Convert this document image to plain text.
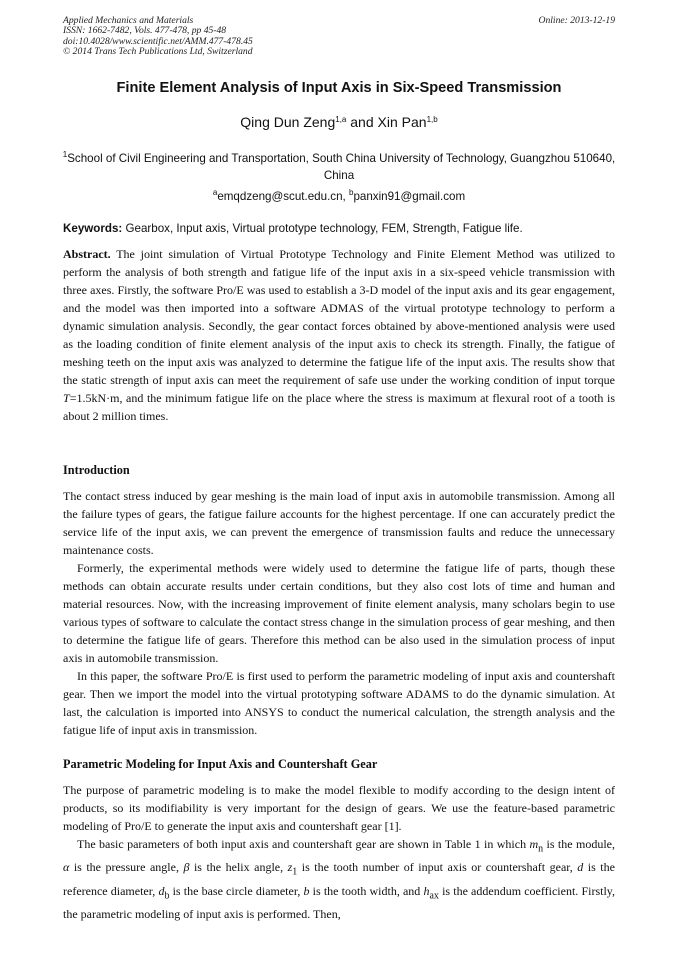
Applied Mechanics and Materials
ISSN: 1662-7482, Vols. 477-478, pp 45-48
doi:10.4028/www.scientific.net/AMM.477-478.45
© 2014 Trans Tech Publications Ltd, Switzerland
Online: 2013-12-19
Finite Element Analysis of Input Axis in Six-Speed Transmission
Qing Dun Zeng$^{1,a}$ and Xin Pan$^{1,b}$
$^1$School of Civil Engineering and Transportation, South China University of Technology, Guangzhou 510640, China
$^a$emqdzeng@scut.edu.cn, $^b$panxin91@gmail.com
Keywords: Gearbox, Input axis, Virtual prototype technology, FEM, Strength, Fatigue life.

Abstract. The joint simulation of Virtual Prototype Technology and Finite Element Method was utilized to perform the analysis of both strength and fatigue life of the input axis in a six-speed vehicle transmission with three axes. Firstly, the software Pro/E was used to establish a 3-D model of the input axis and its gear engagement, and the model was then imported into a software ADMAS of the virtual prototype technology to perform a dynamic simulation analysis. Secondly, the gear contact forces obtained by above-mentioned analysis were used as the loading condition of finite element analysis of the input axis to check its strength. Finally, the fatigue of meshing teeth on the input axis was analyzed to determine the fatigue life of the input axis. The results show that the static strength of input axis can meet the requirement of safe use under the working condition of input torque T=1.5kN·m, and the minimum fatigue life on the place where the stress is maximum at flexural root of a tooth is about 2 million times.

Introduction

The contact stress induced by gear meshing is the main load of input axis in automobile transmission. Among all the failure types of gears, the fatigue failure accounts for the highest percentage. If one can accurately predict the service life of the input axis, we can prevent the emergence of transmission faults and reduce the unnecessary maintenance costs.

Formerly, the experimental methods were widely used to determine the fatigue life of parts, though these methods can obtain accurate results under certain conditions, but they also cost lots of time and human and material resources. Now, with the increasing improvement of finite element analysis, many scholars begin to use various types of software to calculate the contact stress change in the simulation process of gear meshing, and then to determine the fatigue life of gears. Therefore this method can be also used in the simulation process of input axis in automobile transmission.

In this paper, the software Pro/E is first used to perform the parametric modeling of input axis and countershaft gear. Then we import the model into the virtual prototyping software ADAMS to do the dynamic simulation. At last, the calculation is imported into ANSYS to conduct the numerical calculation, the strength analysis and the fatigue life of input axis in transmission.

Parametric Modeling for Input Axis and Countershaft Gear

The purpose of parametric modeling is to make the model flexible to modify according to the design intent of products, so its modifiability is very important for the design of gears. We use the feature-based parametric modeling of Pro/E to generate the input axis and countershaft gear [1].

The basic parameters of both input axis and countershaft gear are shown in Table 1 in which $m_n$ is the module, α is the pressure angle, β is the helix angle, $z_1$ is the tooth number of input axis or countershaft gear, d is the reference diameter, $d_b$ is the base circle diameter, b is the tooth width, and $h_{ax}$ is the addendum coefficient. Firstly, the parametric modeling of input axis is performed. Then,
